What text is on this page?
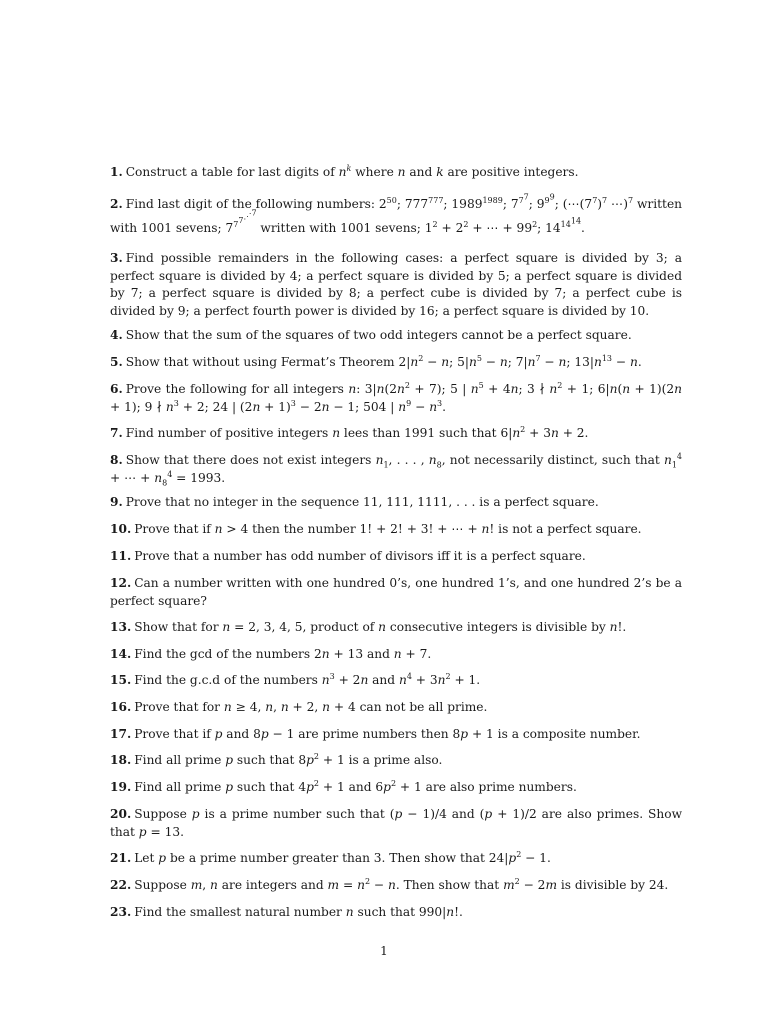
1. Construct a table for last digits of $n^k$ where n and k are positive integers.
2. Find last digit of the following numbers: $2^{50}$; $777^{777}$; $1989^{1989}$; $7^{7^7}$; $9^{9^9}$; ($\cdots(7^7)^7$ ⋯)$^7$ written with 1001 sevens; $7^{7^{7^{⋰^7}}}$ written with 1001 sevens; $1^2 + 2^2$ + ⋯ + $99^2$; $14^{14^{14}}$.
3. Find possible remainders in the following cases: a perfect square is divided by 3; a perfect square is divided by 4; a perfect square is divided by 5; a perfect square is divided by 7; a perfect square is divided by 8; a perfect cube is divided by 7; a perfect cube is divided by 9; a perfect fourth power is divided by 16; a perfect square is divided by 10.
4. Show that the sum of the squares of two odd integers cannot be a perfect square.
5. Show that without using Fermat’s Theorem $2|n^2 - n$; $5|n^5 - n$; $7|n^7 - n$; $13|n^{13} - n$.
6. Prove the following for all integers n: $3|n(2n^2 + 7)$; 5 | $n^5 + 4n$; 3 ∤ $n^2 + 1$; 6|n(n + 1)(2n + 1); 9 ∤ $n^3 + 2$; 24 | $(2n + 1)^3 - 2n - 1$; 504 | $n^9 - n^3$.
7. Find number of positive integers n lees than 1991 such that $6|n^2 + 3n + 2$.
8. Show that there does not exist integers $n_1$, . . . , $n_8$, not necessarily distinct, such that $n_1^4$ + ⋯ + $n_8^4 = 1993$.
9. Prove that no integer in the sequence 11, 111, 1111, . . . is a perfect square.
10. Prove that if n > 4 then the number 1! + 2! + 3! + ⋯ + n! is not a perfect square.
11. Prove that a number has odd number of divisors iff it is a perfect square.
12. Can a number written with one hundred 0’s, one hundred 1’s, and one hundred 2’s be a perfect square?
13. Show that for n = 2, 3, 4, 5, product of n consecutive integers is divisible by n!.
14. Find the gcd of the numbers 2n + 13 and n + 7.
15. Find the g.c.d of the numbers $n^3 + 2n$ and $n^4 + 3n^2 + 1$.
16. Prove that for n ≥ 4, n, n + 2, n + 4 can not be all prime.
17. Prove that if p and 8p − 1 are prime numbers then 8p + 1 is a composite number.
18. Find all prime p such that $8p^2 + 1$ is a prime also.
19. Find all prime p such that $4p^2 + 1$ and $6p^2 + 1$ are also prime numbers.
20. Suppose p is a prime number such that (p − 1)/4 and (p + 1)/2 are also primes. Show that p = 13.
21. Let p be a prime number greater than 3. Then show that $24|p^2 - 1$.
22. Suppose m, n are integers and $m = n^2 - n$. Then show that $m^2 - 2m$ is divisible by 24.
23. Find the smallest natural number n such that 990|n!.
1
